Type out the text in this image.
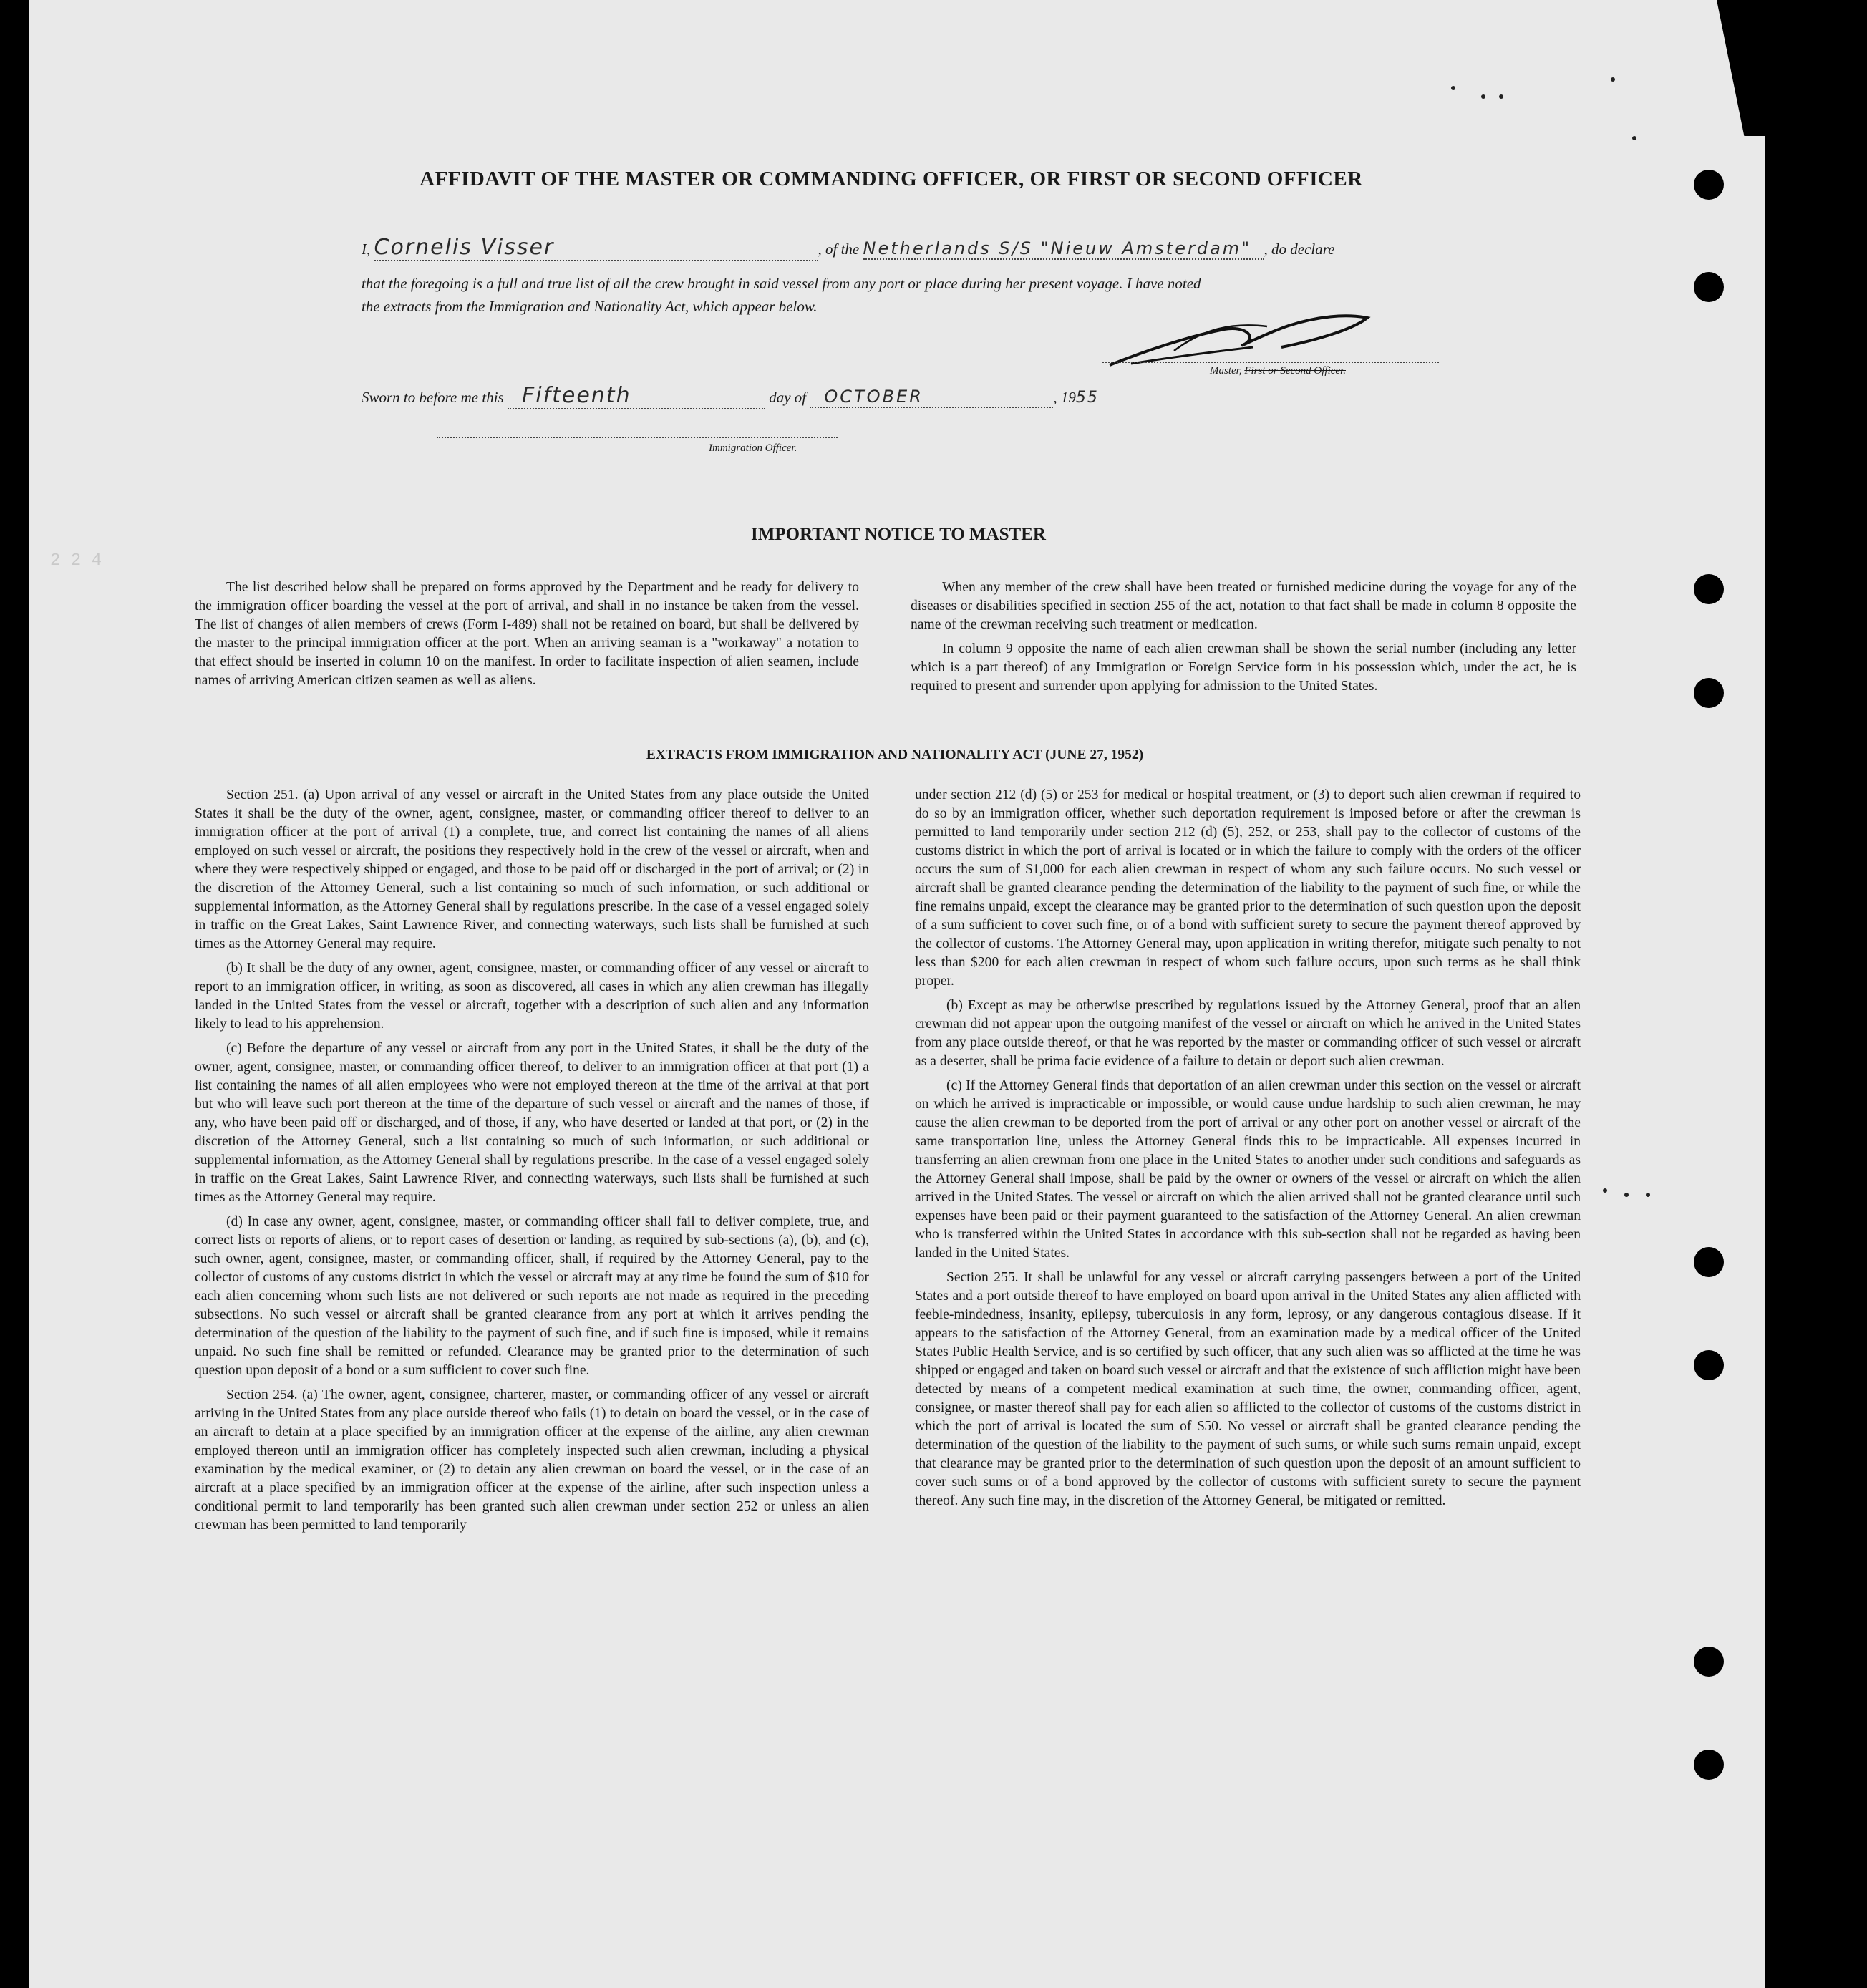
2 2 4
AFFIDAVIT OF THE MASTER OR COMMANDING OFFICER, OR FIRST OR SECOND OFFICER
I, Cornelis Visser	, of the Netherlands S/S "Nieuw Amsterdam" , do declare
that the foregoing is a full and true list of all the crew brought in said vessel from any port or place during her present voyage. I have noted
the extracts from the Immigration and Nationality Act, which appear below.
Master, First or Second Officer.
Sworn to before me this Fifteenth	day of OCTOBER	, 1955
Immigration Officer.
IMPORTANT NOTICE TO MASTER

The list described below shall be prepared on forms approved by the Department and be ready for delivery to the immigration officer boarding the vessel at the port of arrival, and shall in no instance be taken from the vessel. The list of changes of alien members of crews (Form I-489) shall not be retained on board, but shall be delivered by the master to the principal immigration officer at the port. When an arriving seaman is a "workaway" a notation to that effect should be inserted in column 10 on the manifest. In order to facilitate inspection of alien seamen, include names of arriving American citizen seamen as well as aliens.

When any member of the crew shall have been treated or furnished medicine during the voyage for any of the diseases or disabilities specified in section 255 of the act, notation to that fact shall be made in column 8 opposite the name of the crewman receiving such treatment or medication.

In column 9 opposite the name of each alien crewman shall be shown the serial number (including any letter which is a part thereof) of any Immigration or Foreign Service form in his possession which, under the act, he is required to present and surrender upon applying for admission to the United States.

EXTRACTS FROM IMMIGRATION AND NATIONALITY ACT (JUNE 27, 1952)

Section 251. (a) Upon arrival of any vessel or aircraft in the United States from any place outside the United States it shall be the duty of the owner, agent, consignee, master, or commanding officer thereof to deliver to an immigration officer at the port of arrival (1) a complete, true, and correct list containing the names of all aliens employed on such vessel or aircraft, the positions they respectively hold in the crew of the vessel or aircraft, when and where they were respectively shipped or engaged, and those to be paid off or discharged in the port of arrival; or (2) in the discretion of the Attorney General, such a list containing so much of such information, or such additional or supplemental information, as the Attorney General shall by regulations prescribe. In the case of a vessel engaged solely in traffic on the Great Lakes, Saint Lawrence River, and connecting waterways, such lists shall be furnished at such times as the Attorney General may require.

(b) It shall be the duty of any owner, agent, consignee, master, or commanding officer of any vessel or aircraft to report to an immigration officer, in writing, as soon as discovered, all cases in which any alien crewman has illegally landed in the United States from the vessel or aircraft, together with a description of such alien and any information likely to lead to his apprehension.

(c) Before the departure of any vessel or aircraft from any port in the United States, it shall be the duty of the owner, agent, consignee, master, or commanding officer thereof, to deliver to an immigration officer at that port (1) a list containing the names of all alien employees who were not employed thereon at the time of the arrival at that port but who will leave such port thereon at the time of the departure of such vessel or aircraft and the names of those, if any, who have been paid off or discharged, and of those, if any, who have deserted or landed at that port, or (2) in the discretion of the Attorney General, such a list containing so much of such information, or such additional or supplemental information, as the Attorney General shall by regulations prescribe. In the case of a vessel engaged solely in traffic on the Great Lakes, Saint Lawrence River, and connecting waterways, such lists shall be furnished at such times as the Attorney General may require.

(d) In case any owner, agent, consignee, master, or commanding officer shall fail to deliver complete, true, and correct lists or reports of aliens, or to report cases of desertion or landing, as required by sub-sections (a), (b), and (c), such owner, agent, consignee, master, or commanding officer, shall, if required by the Attorney General, pay to the collector of customs of any customs district in which the vessel or aircraft may at any time be found the sum of $10 for each alien concerning whom such lists are not delivered or such reports are not made as required in the preceding subsections. No such vessel or aircraft shall be granted clearance from any port at which it arrives pending the determination of the question of the liability to the payment of such fine, and if such fine is imposed, while it remains unpaid. No such fine shall be remitted or refunded. Clearance may be granted prior to the determination of such question upon deposit of a bond or a sum sufficient to cover such fine.

Section 254. (a) The owner, agent, consignee, charterer, master, or commanding officer of any vessel or aircraft arriving in the United States from any place outside thereof who fails (1) to detain on board the vessel, or in the case of an aircraft to detain at a place specified by an immigration officer at the expense of the airline, any alien crewman employed thereon until an immigration officer has completely inspected such alien crewman, including a physical examination by the medical examiner, or (2) to detain any alien crewman on board the vessel, or in the case of an aircraft at a place specified by an immigration officer at the expense of the airline, after such inspection unless a conditional permit to land temporarily has been granted such alien crewman under section 252 or unless an alien crewman has been permitted to land temporarily

under section 212 (d) (5) or 253 for medical or hospital treatment, or (3) to deport such alien crewman if required to do so by an immigration officer, whether such deportation requirement is imposed before or after the crewman is permitted to land temporarily under section 212 (d) (5), 252, or 253, shall pay to the collector of customs of the customs district in which the port of arrival is located or in which the failure to comply with the orders of the officer occurs the sum of $1,000 for each alien crewman in respect of whom any such failure occurs. No such vessel or aircraft shall be granted clearance pending the determination of the liability to the payment of such fine, or while the fine remains unpaid, except the clearance may be granted prior to the determination of such question upon the deposit of a sum sufficient to cover such fine, or of a bond with sufficient surety to secure the payment thereof approved by the collector of customs. The Attorney General may, upon application in writing therefor, mitigate such penalty to not less than $200 for each alien crewman in respect of whom such failure occurs, upon such terms as he shall think proper.

(b) Except as may be otherwise prescribed by regulations issued by the Attorney General, proof that an alien crewman did not appear upon the outgoing manifest of the vessel or aircraft on which he arrived in the United States from any place outside thereof, or that he was reported by the master or commanding officer of such vessel or aircraft as a deserter, shall be prima facie evidence of a failure to detain or deport such alien crewman.

(c) If the Attorney General finds that deportation of an alien crewman under this section on the vessel or aircraft on which he arrived is impracticable or impossible, or would cause undue hardship to such alien crewman, he may cause the alien crewman to be deported from the port of arrival or any other port on another vessel or aircraft of the same transportation line, unless the Attorney General finds this to be impracticable. All expenses incurred in transferring an alien crewman from one place in the United States to another under such conditions and safeguards as the Attorney General shall impose, shall be paid by the owner or owners of the vessel or aircraft on which the alien arrived in the United States. The vessel or aircraft on which the alien arrived shall not be granted clearance until such expenses have been paid or their payment guaranteed to the satisfaction of the Attorney General. An alien crewman who is transferred within the United States in accordance with this sub-section shall not be regarded as having been landed in the United States.

Section 255. It shall be unlawful for any vessel or aircraft carrying passengers between a port of the United States and a port outside thereof to have employed on board upon arrival in the United States any alien afflicted with feeble-mindedness, insanity, epilepsy, tuberculosis in any form, leprosy, or any dangerous contagious disease. If it appears to the satisfaction of the Attorney General, from an examination made by a medical officer of the United States Public Health Service, and is so certified by such officer, that any such alien was so afflicted at the time he was shipped or engaged and taken on board such vessel or aircraft and that the existence of such affliction might have been detected by means of a competent medical examination at such time, the owner, commanding officer, agent, consignee, or master thereof shall pay for each alien so afflicted to the collector of customs of the customs district in which the port of arrival is located the sum of $50. No vessel or aircraft shall be granted clearance pending the determination of the question of the liability to the payment of such sums, or while such sums remain unpaid, except that clearance may be granted prior to the determination of such question upon the deposit of an amount sufficient to cover such sums or of a bond approved by the collector of customs with sufficient surety to secure the payment thereof. Any such fine may, in the discretion of the Attorney General, be mitigated or remitted.
